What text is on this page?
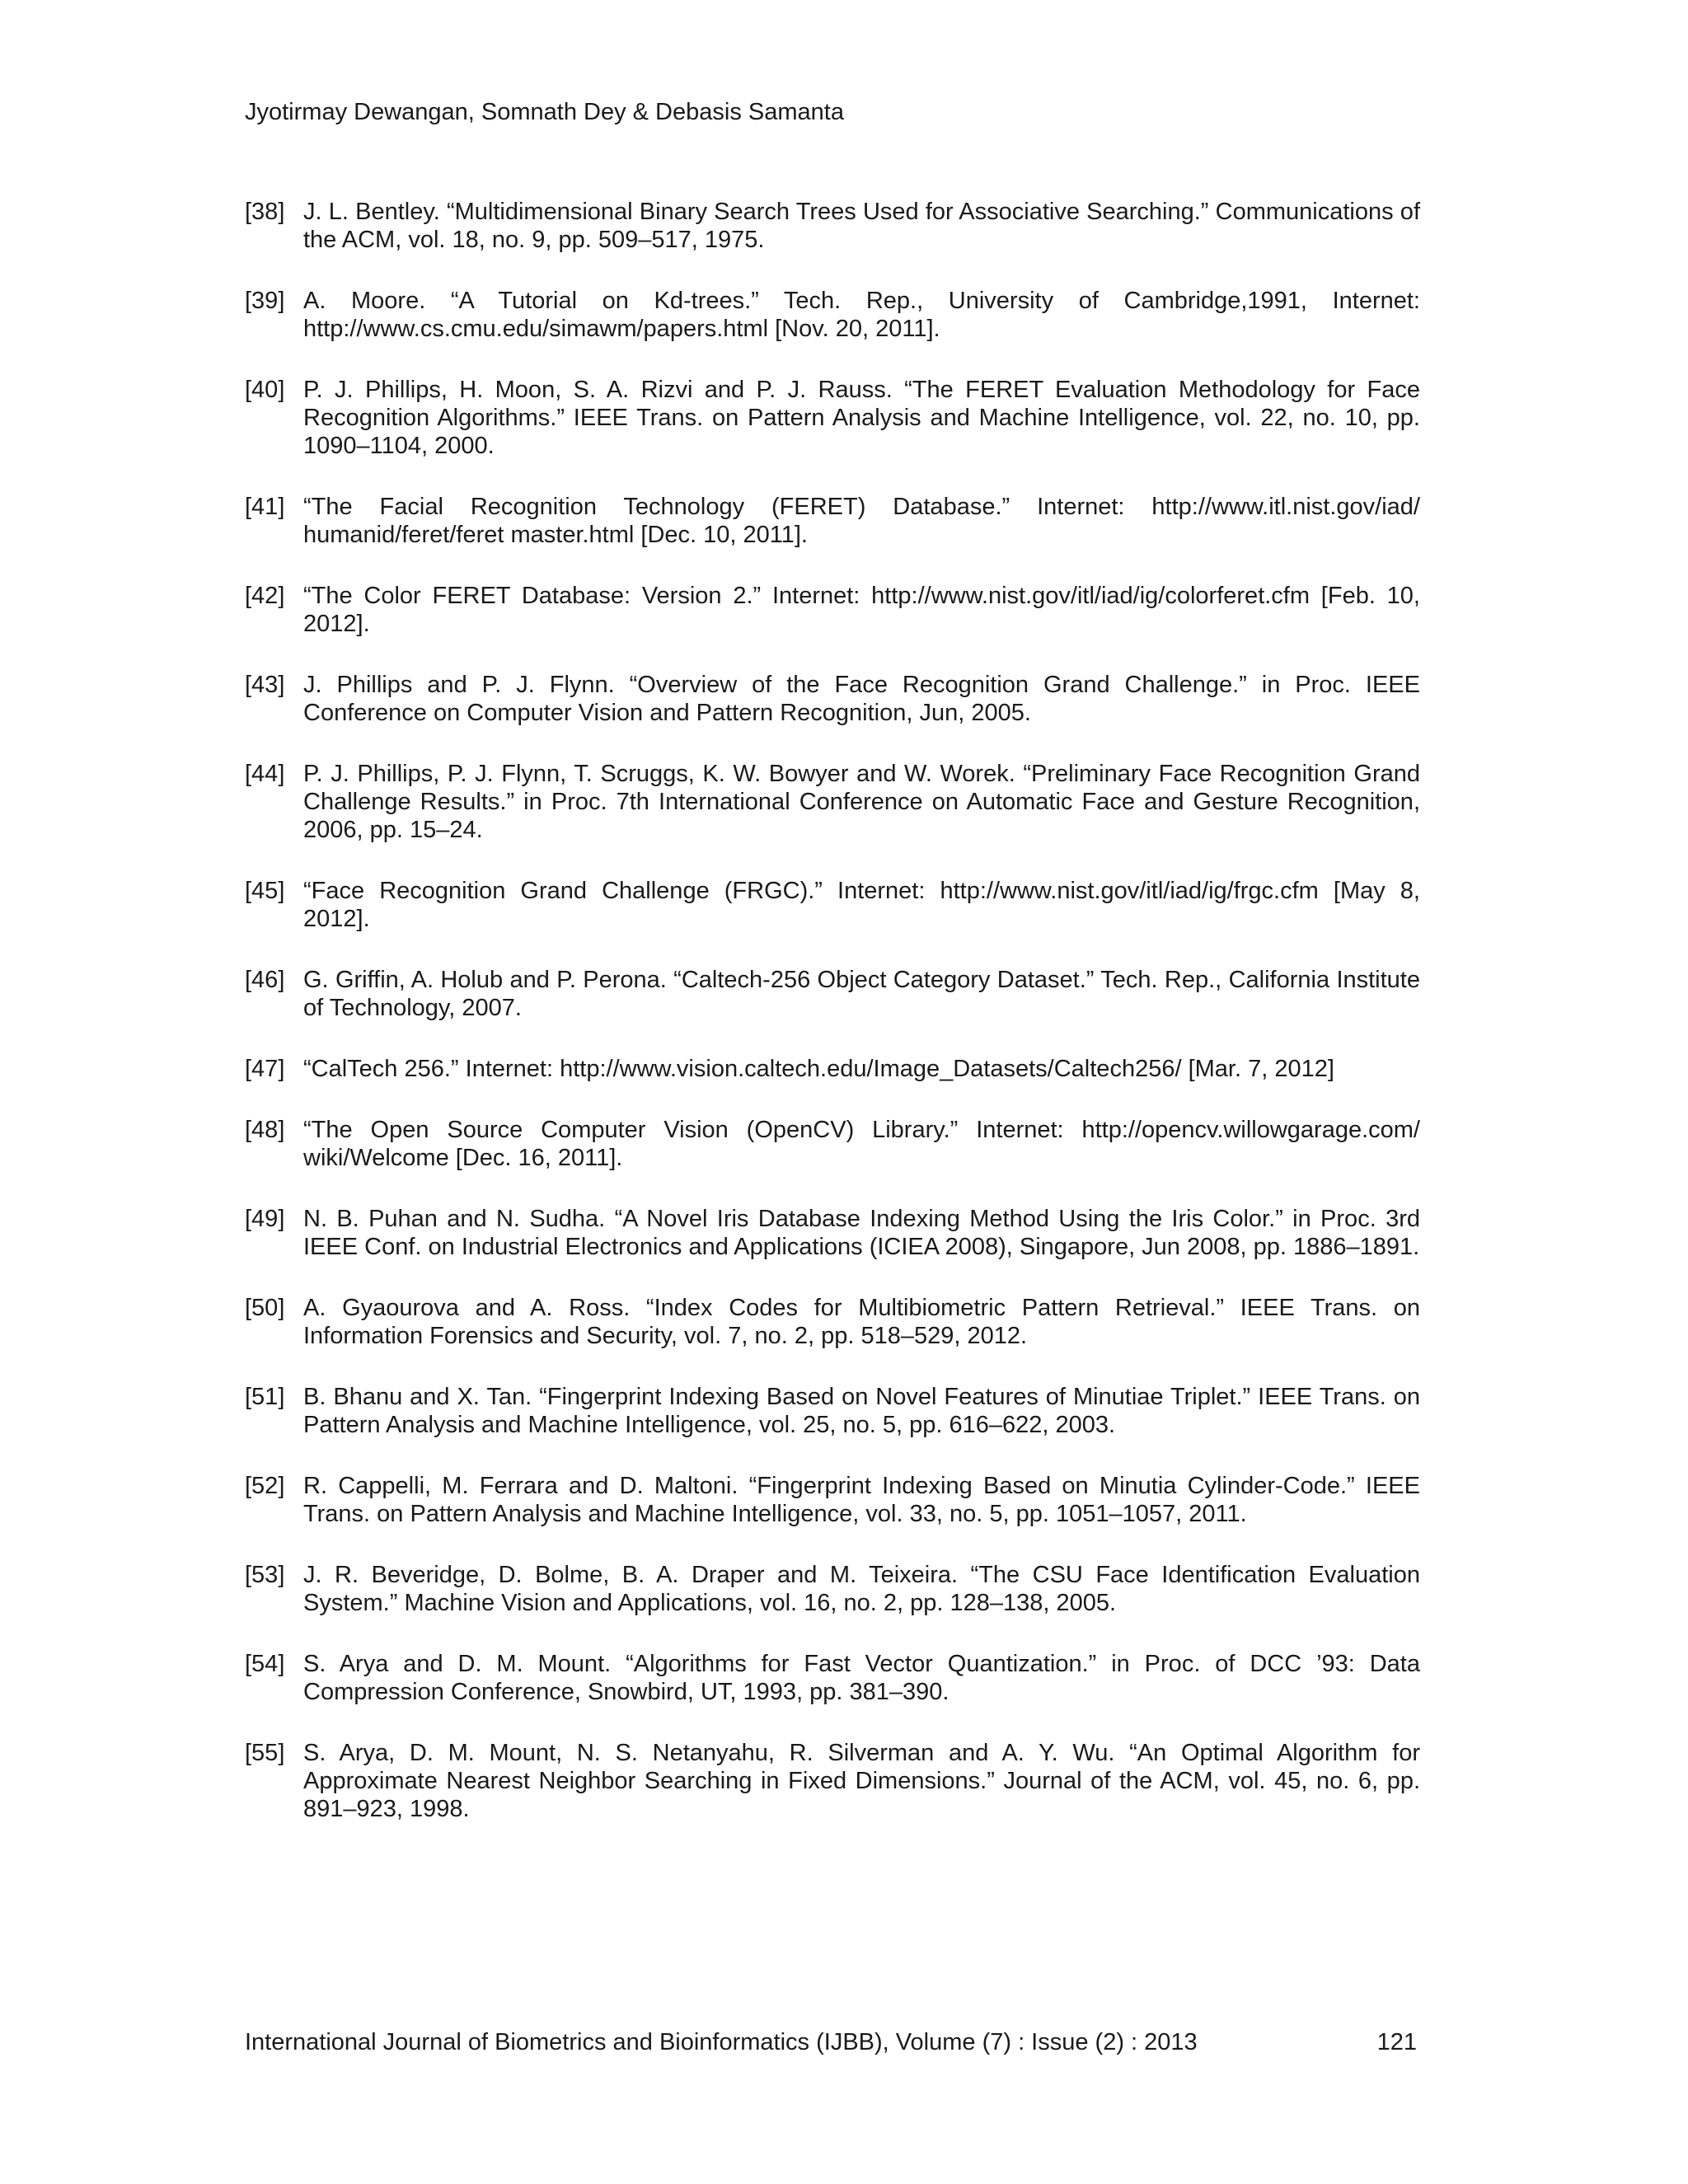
Jyotirmay Dewangan, Somnath Dey & Debasis Samanta
[38] J. L. Bentley. “Multidimensional Binary Search Trees Used for Associative Searching.” Communications of the ACM, vol. 18, no. 9, pp. 509–517, 1975.
[39] A. Moore. “A Tutorial on Kd-trees.” Tech. Rep., University of Cambridge,1991, Internet: http://www.cs.cmu.edu/simawm/papers.html [Nov. 20, 2011].
[40] P. J. Phillips, H. Moon, S. A. Rizvi and P. J. Rauss. “The FERET Evaluation Methodology for Face Recognition Algorithms.” IEEE Trans. on Pattern Analysis and Machine Intelligence, vol. 22, no. 10, pp. 1090–1104, 2000.
[41] “The Facial Recognition Technology (FERET) Database.” Internet: http://www.itl.nist.gov/iad/ humanid/feret/feret master.html [Dec. 10, 2011].
[42] “The Color FERET Database: Version 2.” Internet: http://www.nist.gov/itl/iad/ig/colorferet.cfm [Feb. 10, 2012].
[43] J. Phillips and P. J. Flynn. “Overview of the Face Recognition Grand Challenge.” in Proc. IEEE Conference on Computer Vision and Pattern Recognition, Jun, 2005.
[44] P. J. Phillips, P. J. Flynn, T. Scruggs, K. W. Bowyer and W. Worek. “Preliminary Face Recognition Grand Challenge Results.” in Proc. 7th International Conference on Automatic Face and Gesture Recognition, 2006, pp. 15–24.
[45] “Face Recognition Grand Challenge (FRGC).” Internet: http://www.nist.gov/itl/iad/ig/frgc.cfm [May 8, 2012].
[46] G. Griffin, A. Holub and P. Perona. “Caltech-256 Object Category Dataset.” Tech. Rep., California Institute of Technology, 2007.
[47] “CalTech 256.” Internet: http://www.vision.caltech.edu/Image_Datasets/Caltech256/ [Mar. 7, 2012]
[48] “The Open Source Computer Vision (OpenCV) Library.” Internet: http://opencv.willowgarage.com/ wiki/Welcome [Dec. 16, 2011].
[49] N. B. Puhan and N. Sudha. “A Novel Iris Database Indexing Method Using the Iris Color.” in Proc. 3rd IEEE Conf. on Industrial Electronics and Applications (ICIEA 2008), Singapore, Jun 2008, pp. 1886–1891.
[50] A. Gyaourova and A. Ross. “Index Codes for Multibiometric Pattern Retrieval.” IEEE Trans. on Information Forensics and Security, vol. 7, no. 2, pp. 518–529, 2012.
[51] B. Bhanu and X. Tan. “Fingerprint Indexing Based on Novel Features of Minutiae Triplet.” IEEE Trans. on Pattern Analysis and Machine Intelligence, vol. 25, no. 5, pp. 616–622, 2003.
[52] R. Cappelli, M. Ferrara and D. Maltoni. “Fingerprint Indexing Based on Minutia Cylinder-Code.” IEEE Trans. on Pattern Analysis and Machine Intelligence, vol. 33, no. 5, pp. 1051–1057, 2011.
[53] J. R. Beveridge, D. Bolme, B. A. Draper and M. Teixeira. “The CSU Face Identification Evaluation System.” Machine Vision and Applications, vol. 16, no. 2, pp. 128–138, 2005.
[54] S. Arya and D. M. Mount. “Algorithms for Fast Vector Quantization.” in Proc. of DCC ’93: Data Compression Conference, Snowbird, UT, 1993, pp. 381–390.
[55] S. Arya, D. M. Mount, N. S. Netanyahu, R. Silverman and A. Y. Wu. “An Optimal Algorithm for Approximate Nearest Neighbor Searching in Fixed Dimensions.” Journal of the ACM, vol. 45, no. 6, pp. 891–923, 1998.
International Journal of Biometrics and Bioinformatics (IJBB), Volume (7) : Issue (2) : 2013	121
